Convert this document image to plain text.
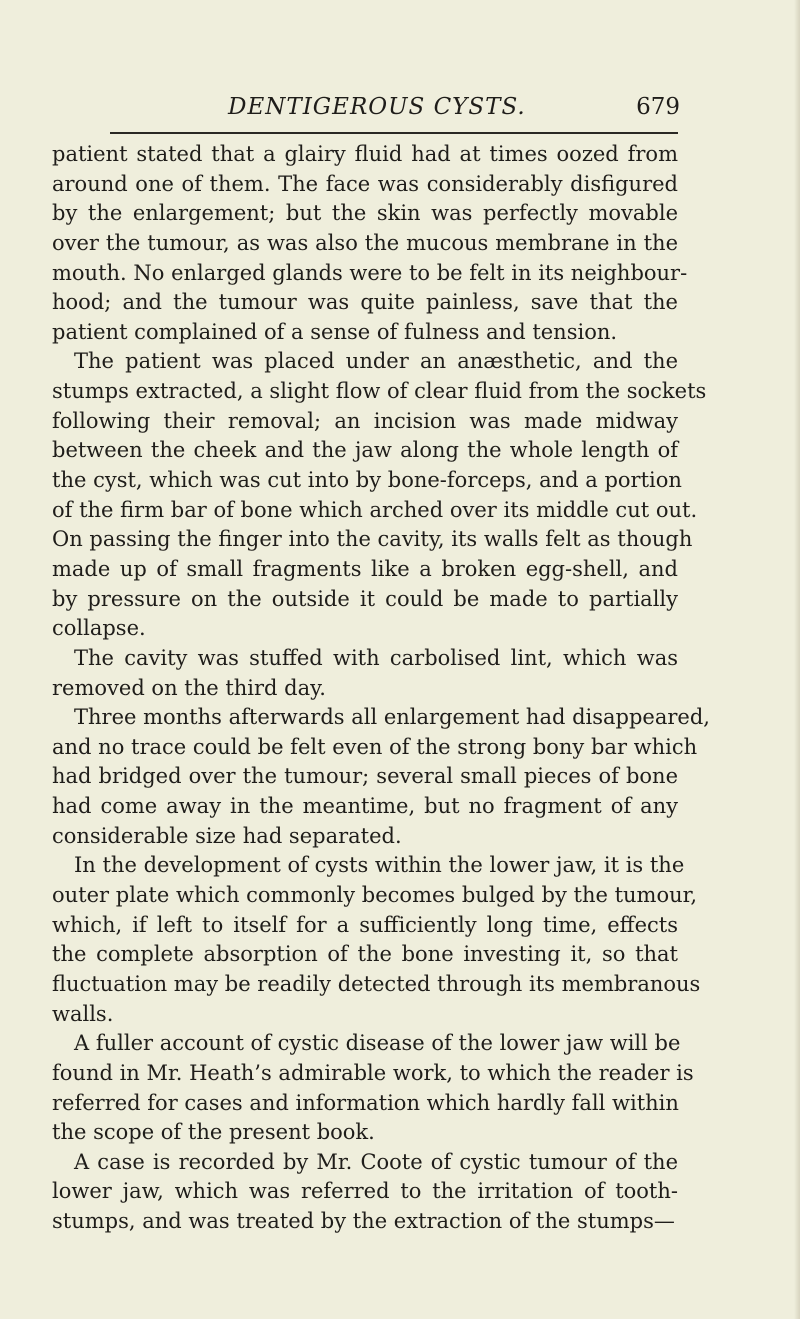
DENTIGEROUS CYSTS.	679
patient stated that a glairy fluid had at times oozed from
around one of them. The face was considerably disfigured
by the enlargement; but the skin was perfectly movable
over the tumour, as was also the mucous membrane in the
mouth. No enlarged glands were to be felt in its neighbour-
hood; and the tumour was quite painless, save that the
patient complained of a sense of fulness and tension.
The patient was placed under an anæsthetic, and the
stumps extracted, a slight flow of clear fluid from the sockets
following their removal; an incision was made midway
between the cheek and the jaw along the whole length of
the cyst, which was cut into by bone-forceps, and a portion
of the firm bar of bone which arched over its middle cut out.
On passing the finger into the cavity, its walls felt as though
made up of small fragments like a broken egg-shell, and
by pressure on the outside it could be made to partially
collapse.
The cavity was stuffed with carbolised lint, which was
removed on the third day.
Three months afterwards all enlargement had disappeared,
and no trace could be felt even of the strong bony bar which
had bridged over the tumour; several small pieces of bone
had come away in the meantime, but no fragment of any
considerable size had separated.
In the development of cysts within the lower jaw, it is the
outer plate which commonly becomes bulged by the tumour,
which, if left to itself for a sufficiently long time, effects
the complete absorption of the bone investing it, so that
fluctuation may be readily detected through its membranous
walls.
A fuller account of cystic disease of the lower jaw will be
found in Mr. Heath’s admirable work, to which the reader is
referred for cases and information which hardly fall within
the scope of the present book.
A case is recorded by Mr. Coote of cystic tumour of the
lower jaw, which was referred to the irritation of tooth-
stumps, and was treated by the extraction of the stumps—
